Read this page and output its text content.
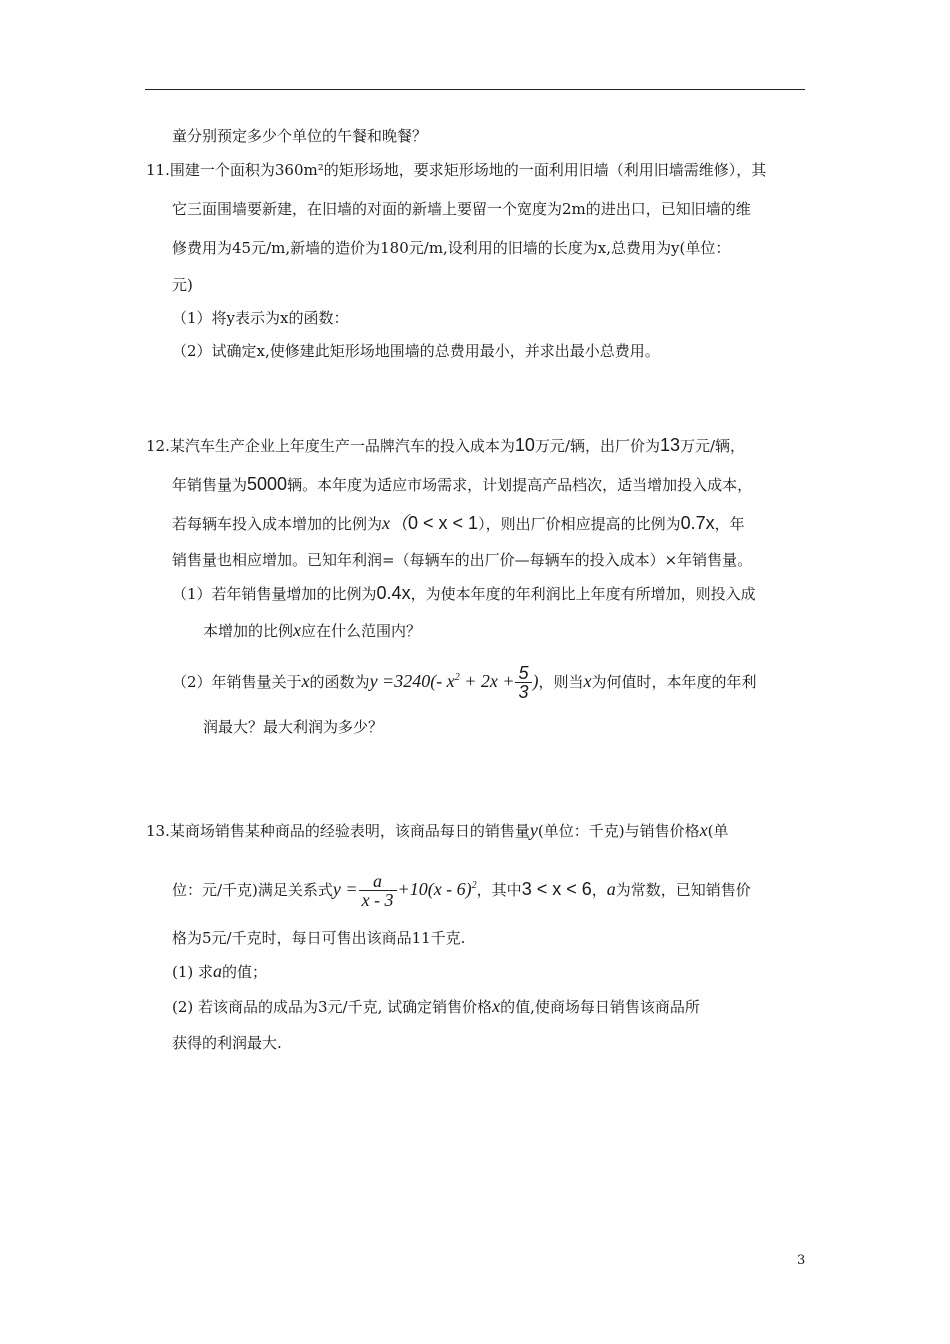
童分别预定多少个单位的午餐和晚餐？
11.围建一个面积为360m²的矩形场地，要求矩形场地的一面利用旧墙（利用旧墙需维修），其
它三面围墙要新建，在旧墙的对面的新墙上要留一个宽度为2m的进出口，已知旧墙的维
修费用为45元/m,新墙的造价为180元/m,设利用的旧墙的长度为x,总费用为y(单位：
元)
（1）将y表示为x的函数：
（2）试确定x,使修建此矩形场地围墙的总费用最小，并求出最小总费用。
12.某汽车生产企业上年度生产一品牌汽车的投入成本为10万元/辆，出厂价为13万元/辆，
年销售量为5000辆。本年度为适应市场需求，计划提高产品档次，适当增加投入成本，
若每辆车投入成本增加的比例为x（0 < x < 1），则出厂价相应提高的比例为0.7x，年
销售量也相应增加。已知年利润=（每辆车的出厂价—每辆车的投入成本）×年销售量。
（1）若年销售量增加的比例为0.4x，为使本年度的年利润比上年度有所增加，则投入成
本增加的比例x应在什么范围内？
（2）年销售量关于x的函数为y =3240(- $x^2 + 2x + \frac{5}{3}$ )，则当x为何值时，本年度的年利
润最大？最大利润为多少？
13.某商场销售某种商品的经验表明，该商品每日的销售量y(单位：千克)与销售价格x(单
位：元/千克)满足关系式$y = \frac{a}{x - 3} +10(x - 6)^2$，其中3 < x < 6，a为常数，已知销售价
格为5元/千克时，每日可售出该商品11千克.
(1) 求a的值；
(2) 若该商品的成品为3元/千克, 试确定销售价格x的值,使商场每日销售该商品所
获得的利润最大.
3
